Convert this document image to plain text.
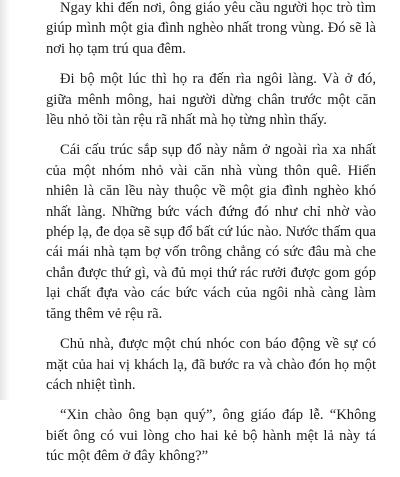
Ngay khi đến nơi, ông giáo yêu cầu người học trò tìm giúp mình một gia đình nghèo nhất trong vùng. Đó sẽ là nơi họ tạm trú qua đêm.

Đi bộ một lúc thì họ ra đến rìa ngôi làng. Và ở đó, giữa mênh mông, hai người dừng chân trước một căn lều nhỏ tồi tàn rệu rã nhất mà họ từng nhìn thấy.

Cái cấu trúc sắp sụp đổ này nằm ở ngoài rìa xa nhất của một nhóm nhỏ vài căn nhà vùng thôn quê. Hiển nhiên là căn lều này thuộc về một gia đình nghèo khó nhất làng. Những bức vách đứng đó như chỉ nhờ vào phép lạ, đe dọa sẽ sụp đổ bất cứ lúc nào. Nước thấm qua cái mái nhà tạm bợ vốn trông chẳng có sức đâu mà che chắn được thứ gì, và đủ mọi thứ rác rưởi được gom góp lại chất đựa vào các bức vách của ngôi nhà càng làm tăng thêm vẻ rệu rã.

Chủ nhà, được một chú nhóc con báo động về sự có mặt của hai vị khách lạ, đã bước ra và chào đón họ một cách nhiệt tình.

“Xin chào ông bạn quý”, ông giáo đáp lễ. “Không biết ông có vui lòng cho hai kẻ bộ hành mệt lả này tá túc một đêm ở đây không?”
